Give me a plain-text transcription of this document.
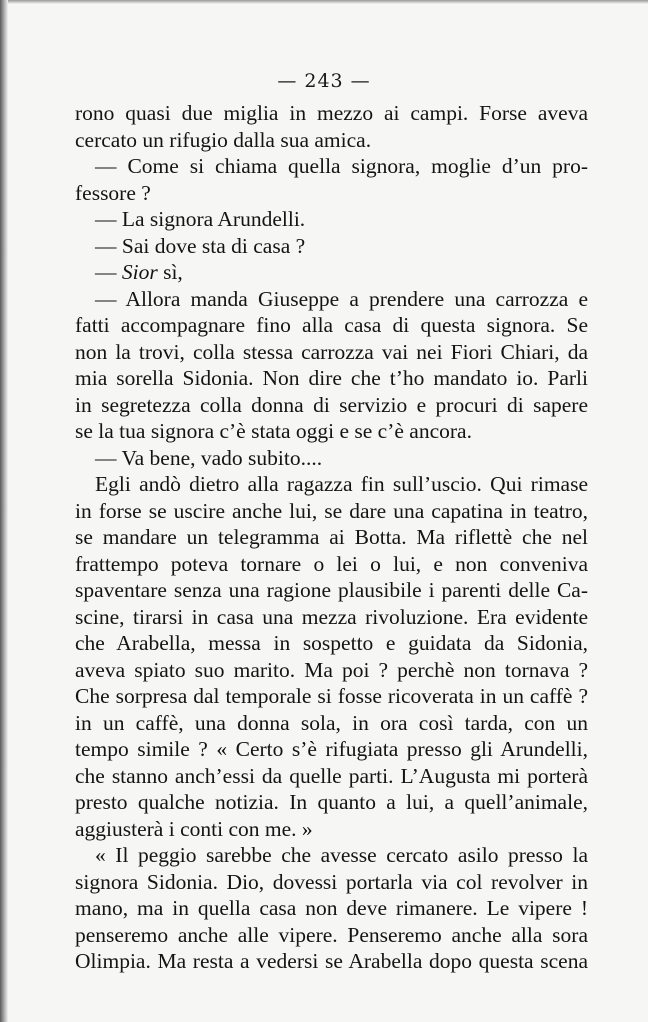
— 243 —
rono quasi due miglia in mezzo ai campi. Forse aveva
cercato un rifugio dalla sua amica.
— Come si chiama quella signora, moglie d’un pro-
fessore ?
— La signora Arundelli.
— Sai dove sta di casa ?
— Sior sì,
— Allora manda Giuseppe a prendere una carrozza e
fatti accompagnare fino alla casa di questa signora. Se
non la trovi, colla stessa carrozza vai nei Fiori Chiari, da
mia sorella Sidonia. Non dire che t’ho mandato io. Parli
in segretezza colla donna di servizio e procuri di sapere
se la tua signora c’è stata oggi e se c’è ancora.
— Va bene, vado subito....
Egli andò dietro alla ragazza fin sull’uscio. Qui rimase
in forse se uscire anche lui, se dare una capatina in teatro,
se mandare un telegramma ai Botta. Ma riflettè che nel
frattempo poteva tornare o lei o lui, e non conveniva
spaventare senza una ragione plausibile i parenti delle Ca-
scine, tirarsi in casa una mezza rivoluzione. Era evidente
che Arabella, messa in sospetto e guidata da Sidonia,
aveva spiato suo marito. Ma poi ? perchè non tornava ?
Che sorpresa dal temporale si fosse ricoverata in un caffè ?
in un caffè, una donna sola, in ora così tarda, con un
tempo simile ? « Certo s’è rifugiata presso gli Arundelli,
che stanno anch’essi da quelle parti. L’Augusta mi porterà
presto qualche notizia. In quanto a lui, a quell’animale,
aggiusterà i conti con me. »
« Il peggio sarebbe che avesse cercato asilo presso la
signora Sidonia. Dio, dovessi portarla via col revolver in
mano, ma in quella casa non deve rimanere. Le vipere !
penseremo anche alle vipere. Penseremo anche alla sora
Olimpia. Ma resta a vedersi se Arabella dopo questa scena
